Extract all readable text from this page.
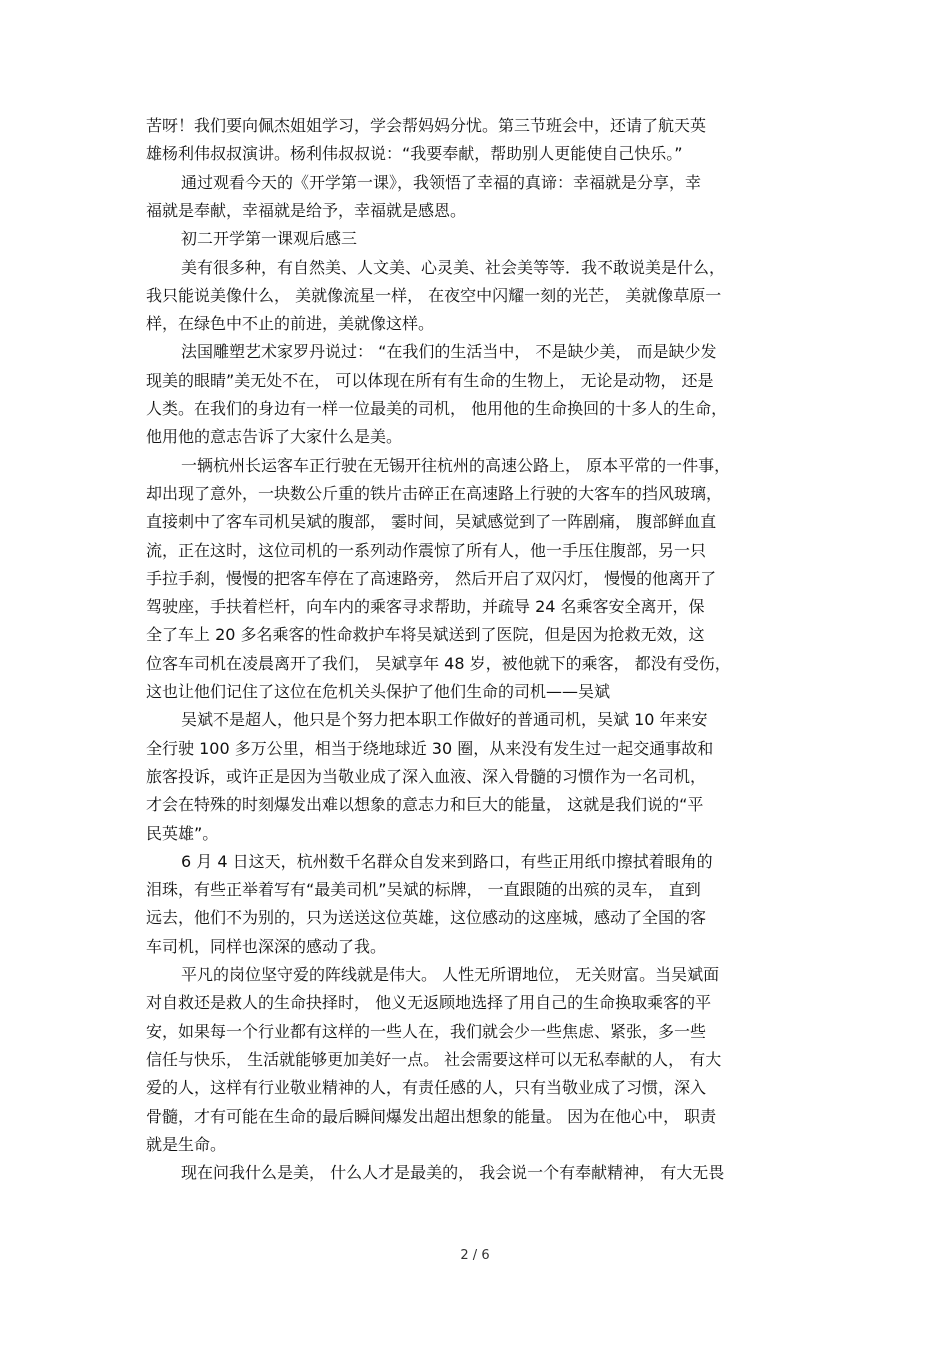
苦呀！我们要向佩杰姐姐学习，学会帮妈妈分忧。第三节班会中，还请了航天英
雄杨利伟叔叔演讲。杨利伟叔叔说：“我要奉献，帮助别人更能使自己快乐。”
通过观看今天的《开学第一课》，我领悟了幸福的真谛：幸福就是分享，幸
福就是奉献，幸福就是给予，幸福就是感恩。
初二开学第一课观后感三
美有很多种，有自然美、人文美、心灵美、社会美等等．我不敢说美是什么，
我只能说美像什么， 美就像流星一样， 在夜空中闪耀一刻的光芒， 美就像草原一
样，在绿色中不止的前进，美就像这样。
法国雕塑艺术家罗丹说过： “在我们的生活当中， 不是缺少美， 而是缺少发
现美的眼睛”美无处不在， 可以体现在所有有生命的生物上， 无论是动物， 还是
人类。在我们的身边有一样一位最美的司机， 他用他的生命换回的十多人的生命，
他用他的意志告诉了大家什么是美。
一辆杭州长运客车正行驶在无锡开往杭州的高速公路上， 原本平常的一件事，
却出现了意外，一块数公斤重的铁片击碎正在高速路上行驶的大客车的挡风玻璃，
直接刺中了客车司机吴斌的腹部， 霎时间，吴斌感觉到了一阵剧痛， 腹部鲜血直
流，正在这时，这位司机的一系列动作震惊了所有人，他一手压住腹部，另一只
手拉手刹，慢慢的把客车停在了高速路旁， 然后开启了双闪灯， 慢慢的他离开了
驾驶座，手扶着栏杆，向车内的乘客寻求帮助，并疏导 24 名乘客安全离开，保
全了车上 20 多名乘客的性命救护车将吴斌送到了医院，但是因为抢救无效，这
位客车司机在凌晨离开了我们， 吴斌享年 48 岁，被他就下的乘客， 都没有受伤，
这也让他们记住了这位在危机关头保护了他们生命的司机——吴斌
吴斌不是超人，他只是个努力把本职工作做好的普通司机，吴斌 10 年来安
全行驶 100 多万公里，相当于绕地球近 30 圈，从来没有发生过一起交通事故和
旅客投诉，或许正是因为当敬业成了深入血液、深入骨髓的习惯作为一名司机，
才会在特殊的时刻爆发出难以想象的意志力和巨大的能量， 这就是我们说的“平
民英雄”。
6 月 4 日这天，杭州数千名群众自发来到路口，有些正用纸巾擦拭着眼角的
泪珠，有些正举着写有“最美司机”吴斌的标牌， 一直跟随的出殡的灵车， 直到
远去，他们不为别的，只为送送这位英雄，这位感动的这座城，感动了全国的客
车司机，同样也深深的感动了我。
平凡的岗位坚守爱的阵线就是伟大。 人性无所谓地位， 无关财富。当吴斌面
对自救还是救人的生命抉择时， 他义无返顾地选择了用自己的生命换取乘客的平
安，如果每一个行业都有这样的一些人在，我们就会少一些焦虑、紧张，多一些
信任与快乐， 生活就能够更加美好一点。 社会需要这样可以无私奉献的人， 有大
爱的人，这样有行业敬业精神的人，有责任感的人，只有当敬业成了习惯，深入
骨髓，才有可能在生命的最后瞬间爆发出超出想象的能量。 因为在他心中， 职责
就是生命。
现在问我什么是美， 什么人才是最美的， 我会说一个有奉献精神， 有大无畏
2 / 6
